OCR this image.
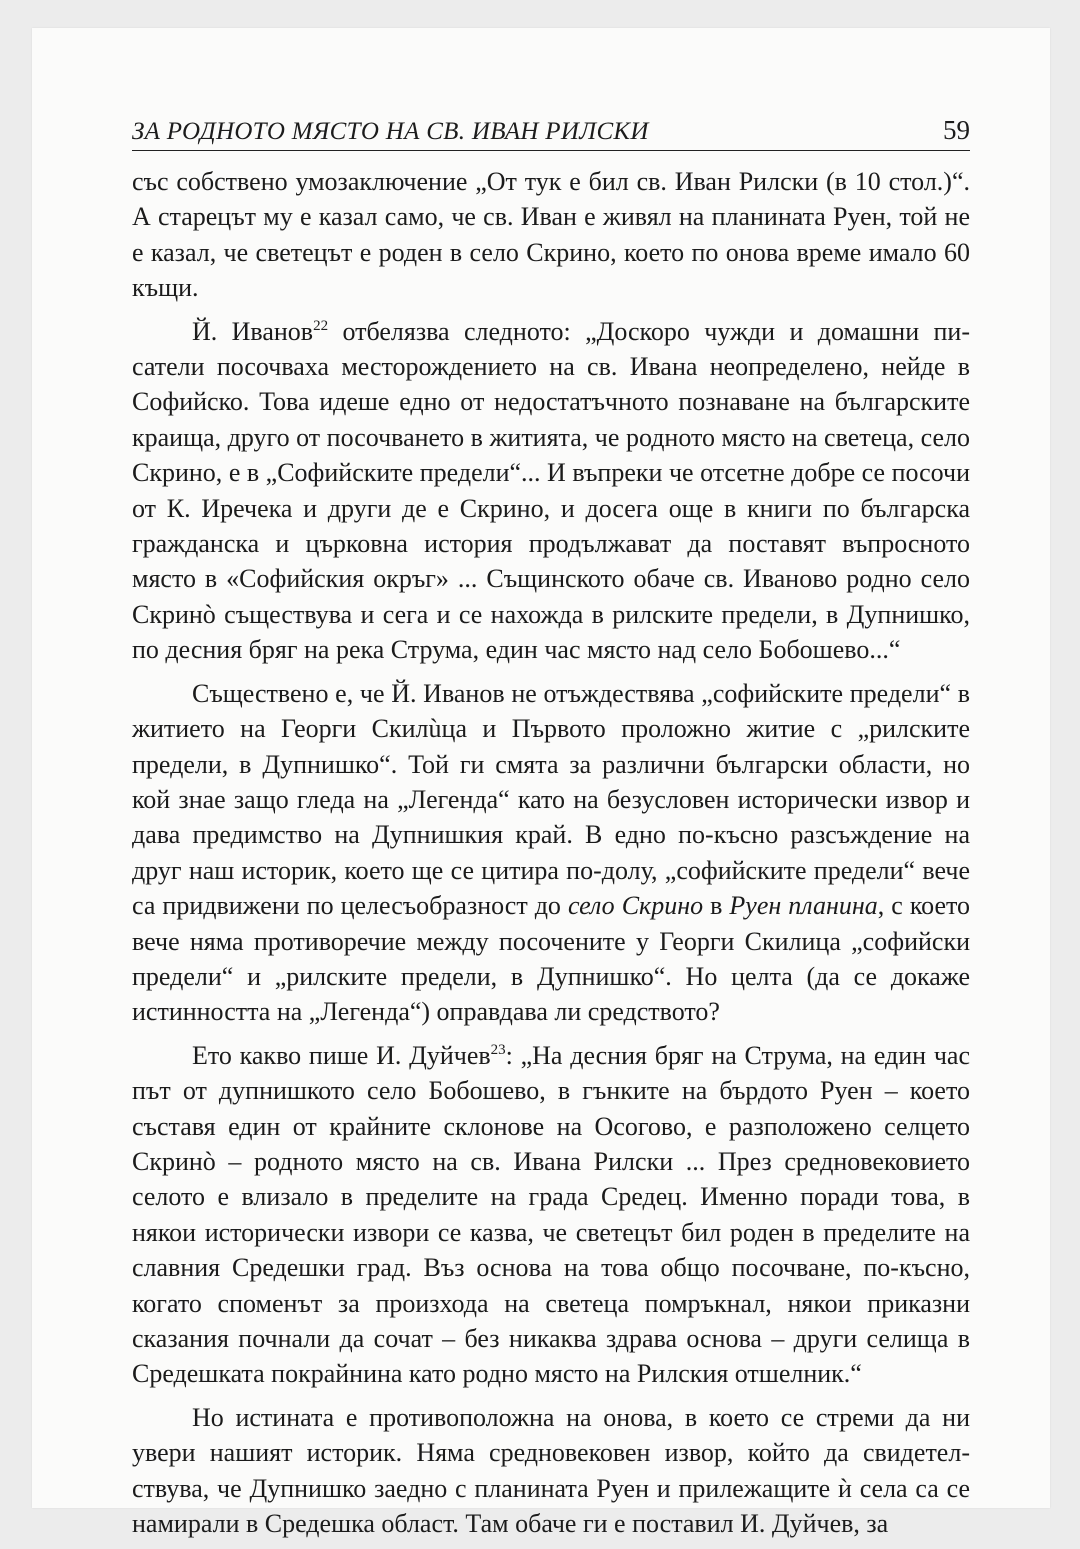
ЗА РОДНОТО МЯСТО НА СВ. ИВАН РИЛСКИ	59

със собствено умозаключение „От тук е бил св. Иван Рилски (в 10 стол.)“. А старецът му е казал само, че св. Иван е живял на планината Руен, той не е казал, че светецът е роден в село Скрино, което по онова време имало 60 къщи.

Й. Иванов$^{22}$ отбелязва следното: „Доскоро чужди и домашни писатели посочваха месторождението на св. Ивана неопределено, нейде в Софийско. Това идеше едно от недостатъчното познаване на българските краища, друго от посочването в житията, че родното място на светеца, село Скрино, е в „Софийските предели“... И въпреки че отсетне добре се посочи от К. Иречека и други де е Скрино, и досега още в книги по българска гражданска и църковна история продължават да поставят въпросното място в «Софийския окръг» ... Същинското обаче св. Иваново родно село Скринò съществува и сега и се нахожда в рилските предели, в Дупнишко, по десния бряг на река Струма, един час място над село Бобошево...“

Съществено е, че Й. Иванов не отъждествява „софийските предели“ в житието на Георги Скилùца и Първото проложно житие с „рилските предели, в Дупнишко“. Той ги смята за различни български области, но кой знае защо гледа на „Легенда“ като на безусловен исторически извор и дава предимство на Дупнишкия край. В едно по-късно разсъждение на друг наш историк, което ще се цитира по-долу, „софийските предели“ вече са придвижени по целесъобразност до село Скрино в Руен планина, с което вече няма противоречие между посочените у Георги Скилица „софийски предели“ и „рилските предели, в Дупнишко“. Но целта (да се докаже истинността на „Легенда“) оправдава ли средството?

Ето какво пише И. Дуйчев$^{23}$: „На десния бряг на Струма, на един час път от дупнишкото село Бобошево, в гънките на бърдото Руен – което съставя един от крайните склонове на Осогово, е разположено селцето Скринò – родното място на св. Ивана Рилски ... През средновековието селото е влизало в пределите на града Средец. Именно поради това, в някои исторически извори се казва, че светецът бил роден в пределите на славния Средешки град. Въз основа на това общо посочване, по-късно, когато споменът за произхода на светеца помръкнал, някои приказни сказания почнали да сочат – без никаква здрава основа – други селища в Средешката покрайнина като родно място на Рилския отшелник.“

Но истината е противоположна на онова, в което се стреми да ни увери нашият историк. Няма средновековен извор, който да свидетелствува, че Дупнишко заедно с планината Руен и прилежащите ѝ села са се намирали в Средешка област. Там обаче ги е поставил И. Дуйчев, за
